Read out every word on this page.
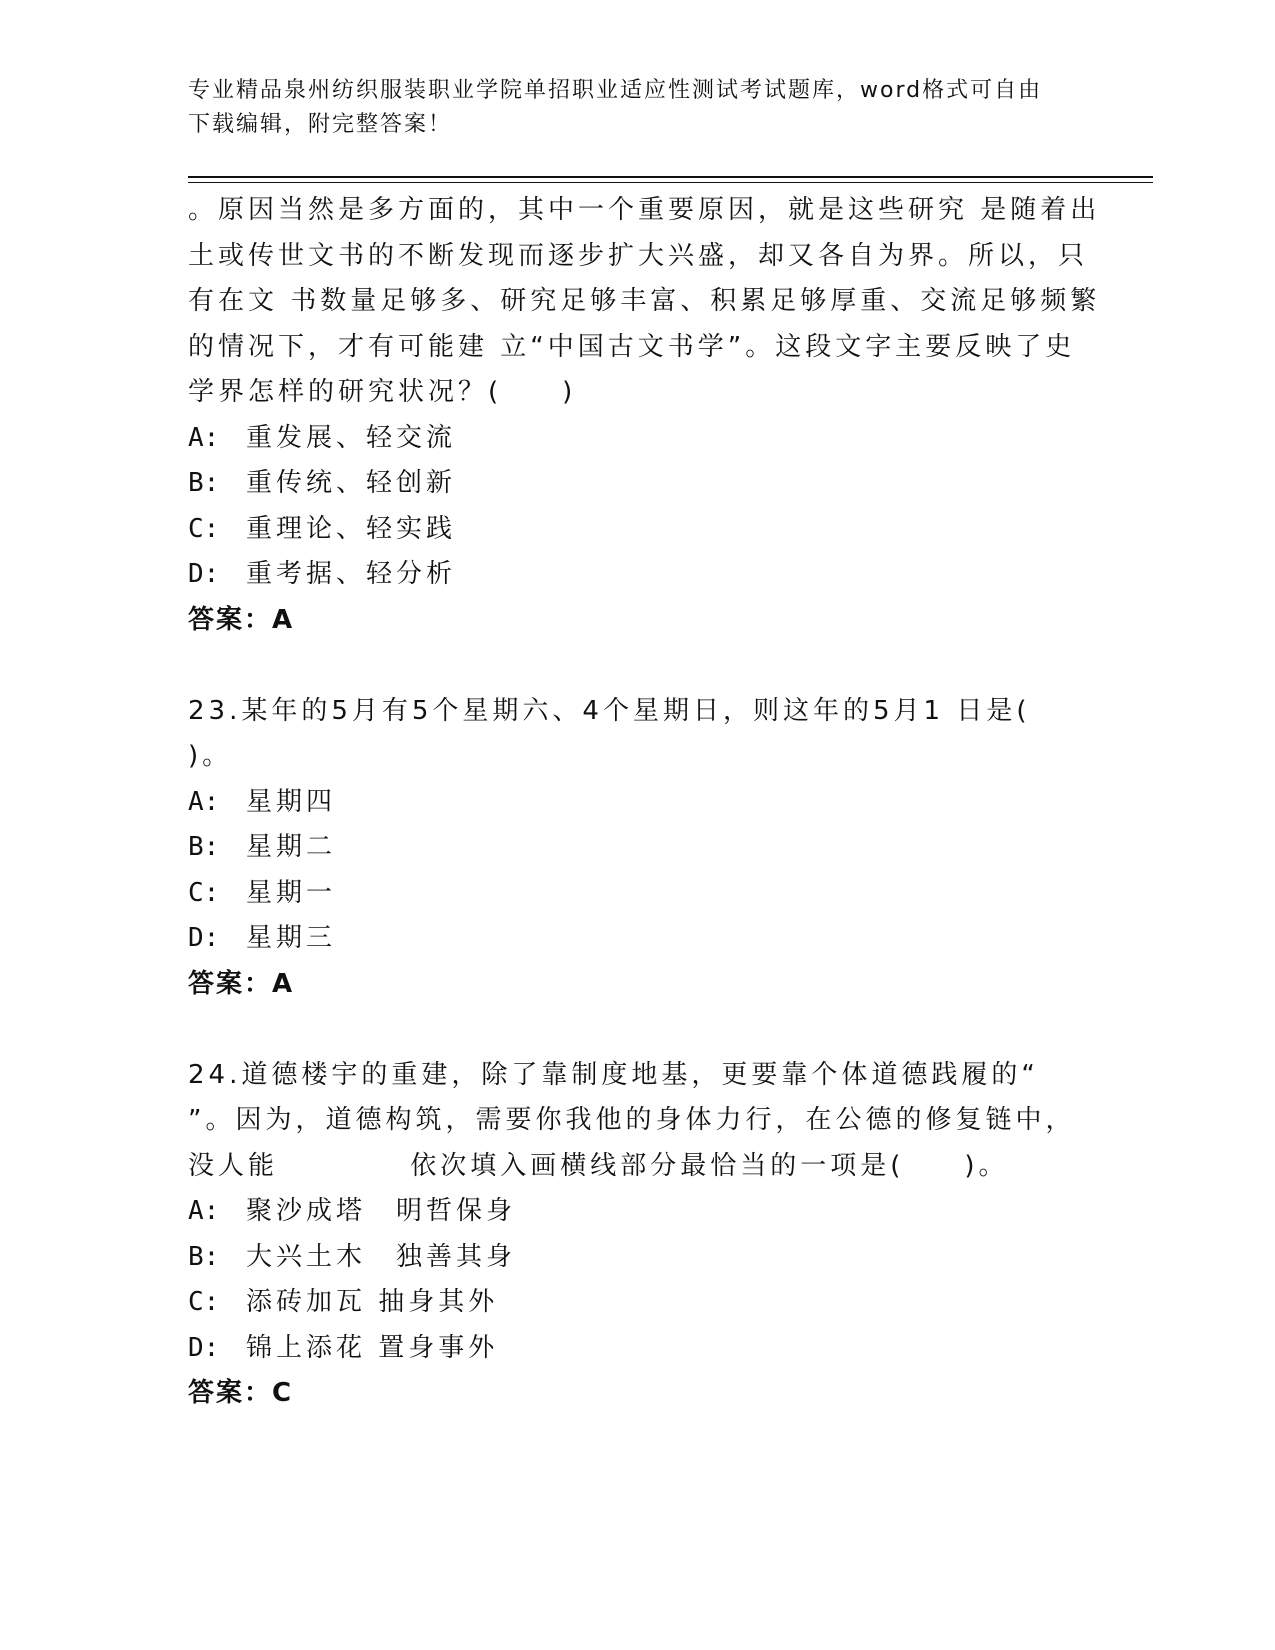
专业精品泉州纺织服装职业学院单招职业适应性测试考试题库，word格式可自由
下载编辑，附完整答案！
。原因当然是多方面的，其中一个重要原因，就是这些研究 是随着出
土或传世文书的不断发现而逐步扩大兴盛，却又各自为界。所以，只
有在文 书数量足够多、研究足够丰富、积累足够厚重、交流足够频繁
的情况下，才有可能建 立“中国古文书学”。这段文字主要反映了史
学界怎样的研究状况？(　　)
A: 重发展、轻交流
B: 重传统、轻创新
C: 重理论、轻实践
D: 重考据、轻分析
答案：A
23.某年的5月有5个星期六、4个星期日，则这年的5月1 日是(
)。
A: 星期四
B: 星期二
C: 星期一
D: 星期三
答案：A
24.道德楼宇的重建，除了靠制度地基，更要靠个体道德践履的“
”。因为，道德构筑，需要你我他的身体力行，在公德的修复链中，
没人能　　　　 依次填入画横线部分最恰当的一项是(　　)。
A: 聚沙成塔　明哲保身
B: 大兴土木　独善其身
C: 添砖加瓦 抽身其外
D: 锦上添花 置身事外
答案：C
